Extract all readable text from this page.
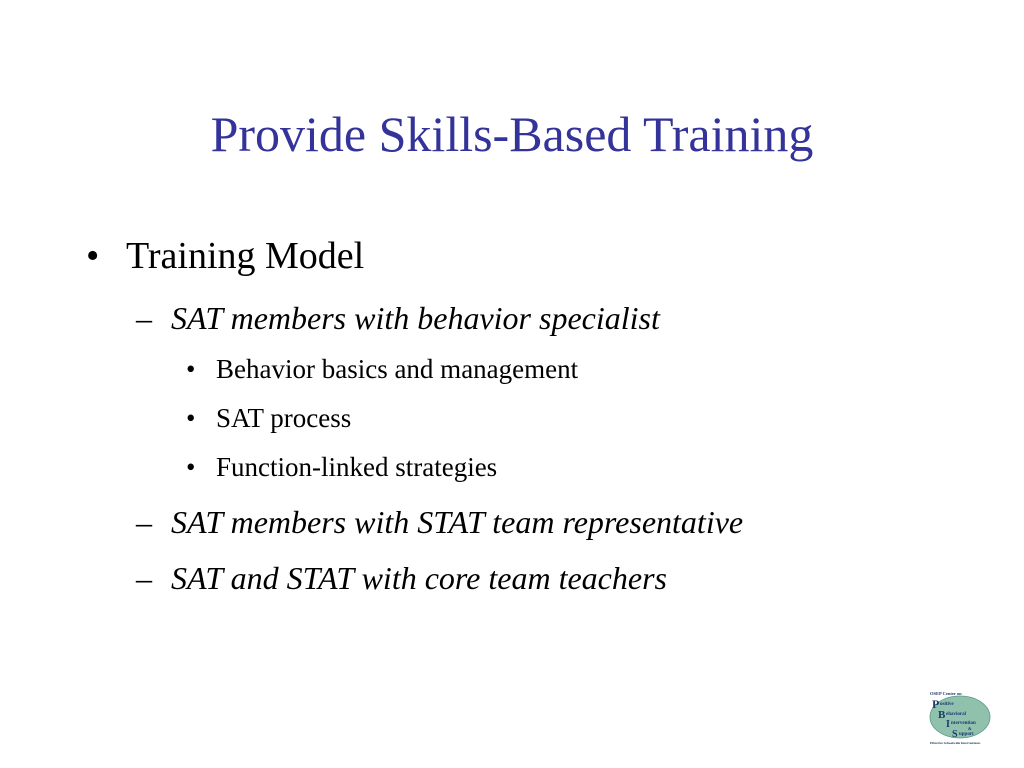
Provide Skills-Based Training
• Training Model
– SAT members with behavior specialist
• Behavior basics and management
• SAT process
• Function-linked strategies
– SAT members with STAT team representative
– SAT and STAT with core team teachers
OSEP Center on
P ositive
B ehavioral
I ntervention
&
S upport
Effective Schoolwide Interventions
